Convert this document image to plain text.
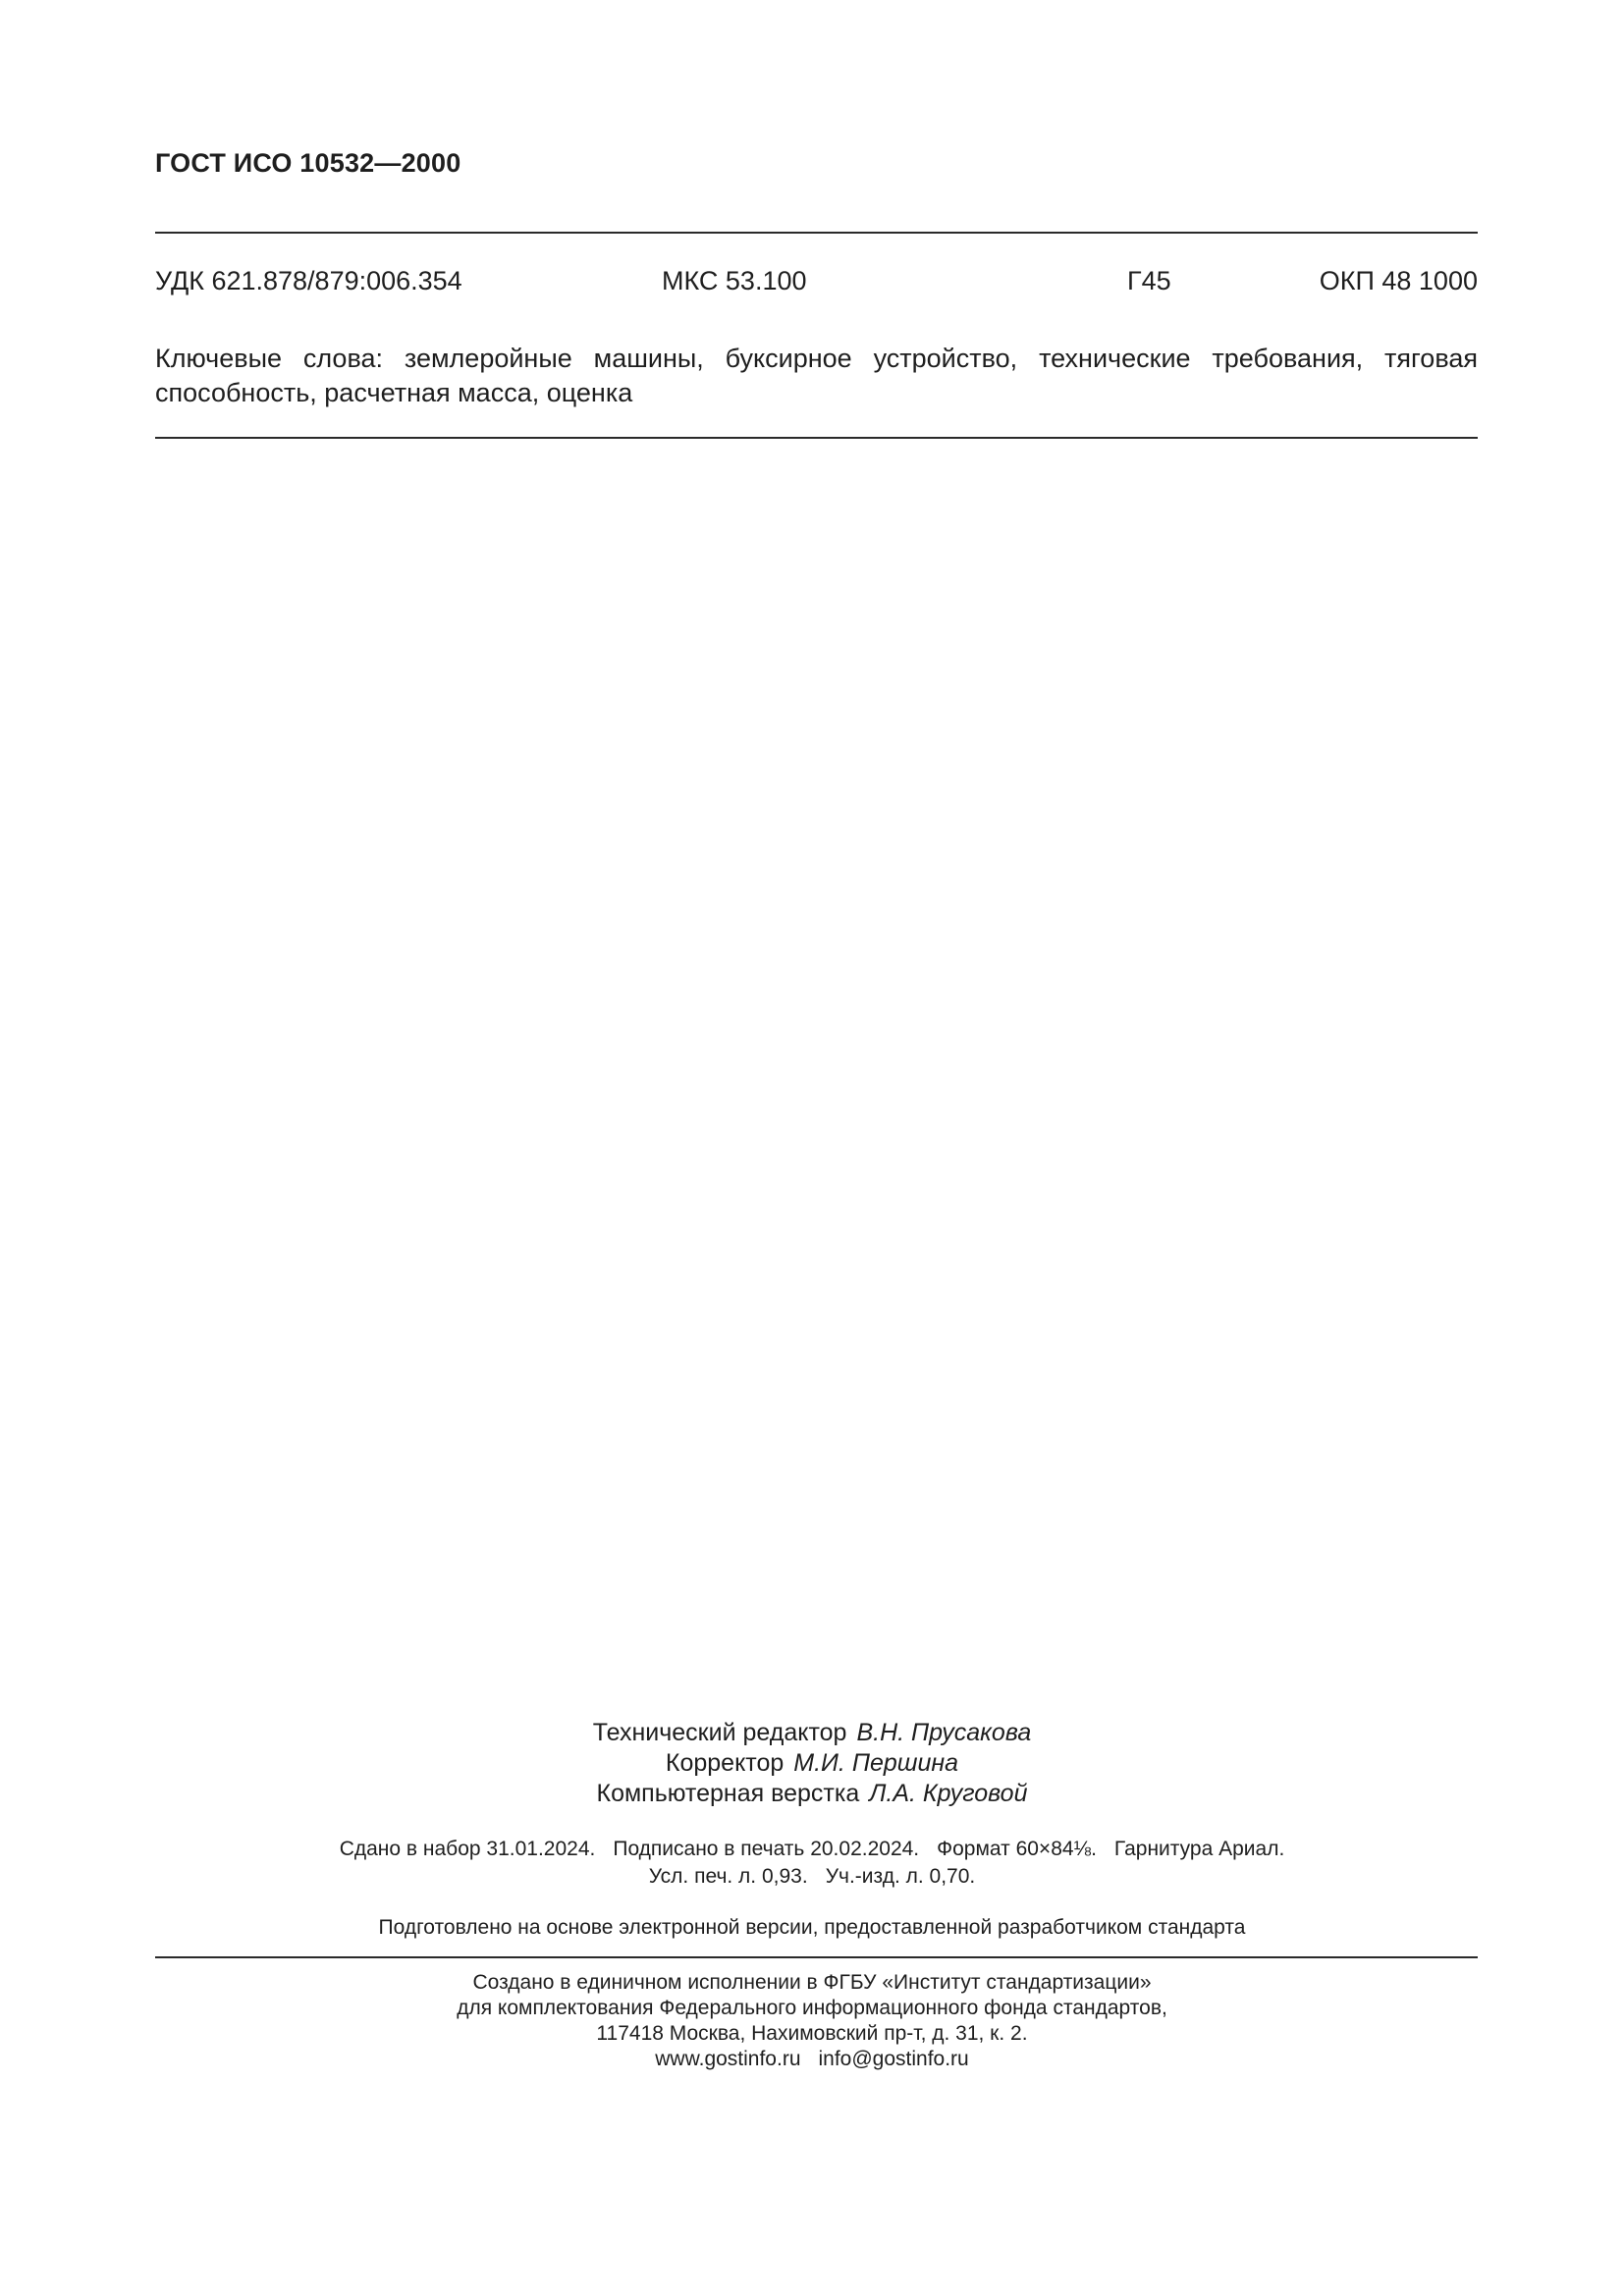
ГОСТ ИСО 10532—2000
УДК 621.878/879:006.354	МКС 53.100	Г45	ОКП 48 1000
Ключевые слова: землеройные машины, буксирное устройство, технические требования, тяговая способность, расчетная масса, оценка
Технический редактор В.Н. Прусакова
Корректор М.И. Першина
Компьютерная верстка Л.А. Круговой
Сдано в набор 31.01.2024. Подписано в печать 20.02.2024. Формат 60×84⅛. Гарнитура Ариал.
Усл. печ. л. 0,93. Уч.-изд. л. 0,70.
Подготовлено на основе электронной версии, предоставленной разработчиком стандарта
Создано в единичном исполнении в ФГБУ «Институт стандартизации»
для комплектования Федерального информационного фонда стандартов,
117418 Москва, Нахимовский пр-т, д. 31, к. 2.
www.gostinfo.ru info@gostinfo.ru
